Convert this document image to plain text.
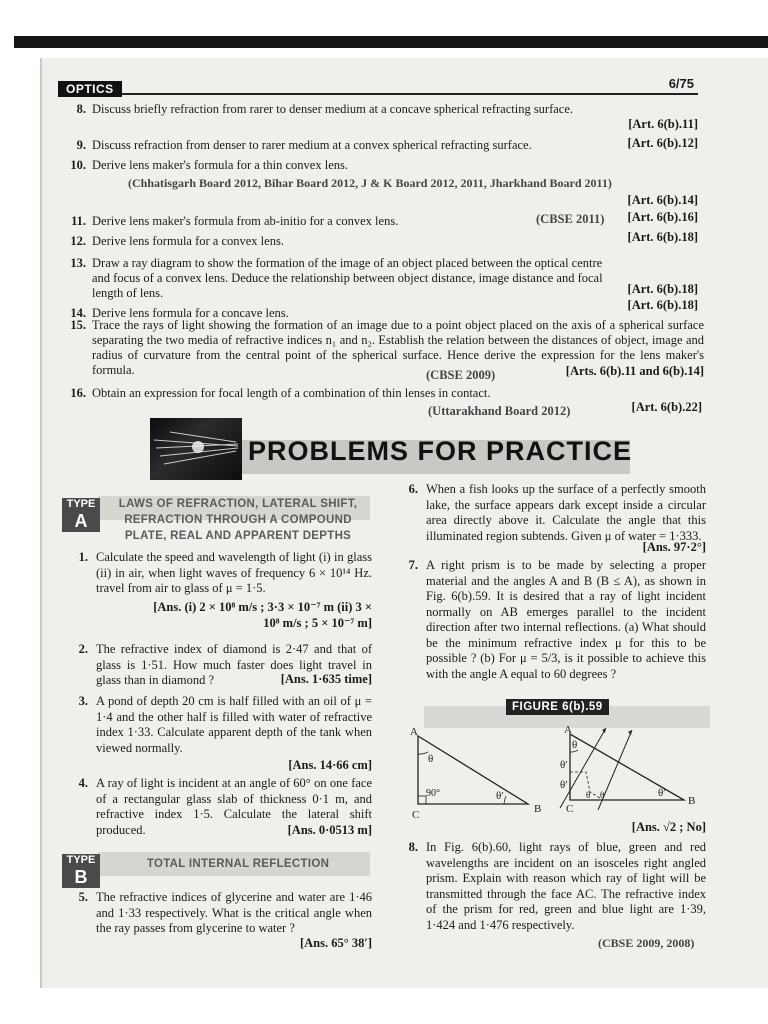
OPTICS	6/75
8. Discuss briefly refraction from rarer to denser medium at a concave spherical refracting surface.
[Art. 6(b).11]
9. Discuss refraction from denser to rarer medium at a convex spherical refracting surface.	[Art. 6(b).12]
10. Derive lens maker's formula for a thin convex lens.
(Chhatisgarh Board 2012, Bihar Board 2012, J & K Board 2012, 2011, Jharkhand Board 2011)
[Art. 6(b).14]
11. Derive lens maker's formula from ab-initio for a convex lens.	(CBSE 2011) [Art. 6(b).16]
12. Derive lens formula for a convex lens.	[Art. 6(b).18]
13. Draw a ray diagram to show the formation of the image of an object placed between the optical centre and focus of a convex lens. Deduce the relationship between object distance, image distance and focal length of lens.	[Art. 6(b).18]
14. Derive lens formula for a concave lens.
[Art. 6(b).18]
15. Trace the rays of light showing the formation of an image due to a point object placed on the axis of a spherical surface separating the two media of refractive indices n₁ and n₂. Establish the relation between the distances of object, image and radius of curvature from the central point of the spherical surface. Hence derive the expression for the lens maker's formula.	(CBSE 2009)	[Arts. 6(b).11 and 6(b).14]
16. Obtain an expression for focal length of a combination of thin lenses in contact.
(Uttarakhand Board 2012)	[Art. 6(b).22]
PROBLEMS FOR PRACTICE
TYPE
A
LAWS OF REFRACTION, LATERAL SHIFT, REFRACTION THROUGH A COMPOUND PLATE, REAL AND APPARENT DEPTHS
1. Calculate the speed and wavelength of light (i) in glass (ii) in air, when light waves of frequency 6 × 10¹⁴ Hz. travel from air to glass of μ = 1·5.
[Ans. (i) 2 × 10⁸ m/s ; 3·3 × 10⁻⁷ m (ii) 3 × 10⁸ m/s ; 5 × 10⁻⁷ m]
2. The refractive index of diamond is 2·47 and that of glass is 1·51. How much faster does light travel in glass than in diamond ?	[Ans. 1·635 time]
3. A pond of depth 20 cm is half filled with an oil of μ = 1·4 and the other half is filled with water of refractive index 1·33. Calculate apparent depth of the tank when viewed normally.
[Ans. 14·66 cm]
4. A ray of light is incident at an angle of 60° on one face of a rectangular glass slab of thickness 0·1 m, and refractive index 1·5. Calculate the lateral shift produced.	[Ans. 0·0513 m]
TYPE
B
TOTAL INTERNAL REFLECTION
5. The refractive indices of glycerine and water are 1·46 and 1·33 respectively. What is the critical angle when the ray passes from glycerine to water ?
[Ans. 65° 38′]
6. When a fish looks up the surface of a perfectly smooth lake, the surface appears dark except inside a circular area directly above it. Calculate the angle that this illuminated region subtends. Given μ of water = 1·333.
[Ans. 97·2°]
7. A right prism is to be made by selecting a proper material and the angles A and B (B ≤ A), as shown in Fig. 6(b).59. It is desired that a ray of light incident normally on AB emerges parallel to the incident direction after two internal reflections. (a) What should be the minimum refractive index μ for this to be possible ? (b) For μ = 5/3, is it possible to achieve this with the angle A equal to 60 degrees ?
FIGURE 6(b).59
A
θ
90°	θ′
B
C
A
θ
θ′
θ′
θ θ	θ′
B
C
[Ans. √2 ; No]
8. In Fig. 6(b).60, light rays of blue, green and red wavelengths are incident on an isosceles right angled prism. Explain with reason which ray of light will be transmitted through the face AC. The refractive index of the prism for red, green and blue light are 1·39, 1·424 and 1·476 respectively.
(CBSE 2009, 2008)
